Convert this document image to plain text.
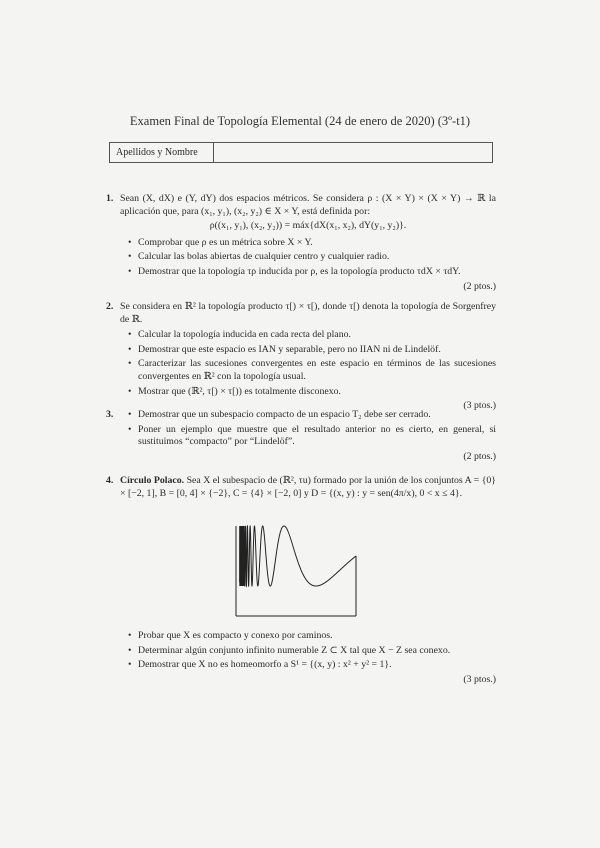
Examen Final de Topología Elemental (24 de enero de 2020) (3º-t1)
Apellidos y Nombre
1. Sean (X, dX) e (Y, dY) dos espacios métricos. Se considera ρ : (X × Y) × (X × Y) → ℝ la aplicación que, para (x₁, y₁), (x₂, y₂) ∈ X × Y, está definida por:

ρ((x₁, y₁), (x₂, y₂)) = máx{dX(x₁, x₂), dY(y₁, y₂)}.
• Comprobar que ρ es un métrica sobre X × Y.
• Calcular las bolas abiertas de cualquier centro y cualquier radio.
• Demostrar que la topología τρ inducida por ρ, es la topología producto τdX × τdY.
(2 ptos.)
2. Se considera en ℝ² la topología producto τ[) × τ[), donde τ[) denota la topología de Sorgenfrey de ℝ.

• Calcular la topología inducida en cada recta del plano.
• Demostrar que este espacio es IAN y separable, pero no IIAN ni de Lindelöf.
• Caracterizar las sucesiones convergentes en este espacio en términos de las sucesiones convergentes en ℝ² con la topología usual.
• Mostrar que (ℝ², τ[) × τ[)) es totalmente disconexo.
(3 ptos.)
3.
•	Demostrar que un subespacio compacto de un espacio T₂ debe ser cerrado.
• Poner un ejemplo que muestre que el resultado anterior no es cierto, en general, si sustituimos “compacto” por “Lindelöf”.
(2 ptos.)
4. Círculo Polaco. Sea X el subespacio de (ℝ², τu) formado por la unión de los conjuntos A = {0} × [−2, 1], B = [0, 4] × {−2}, C = {4} × [−2, 0] y D = {(x, y) : y = sen(4π/x), 0 < x ≤ 4}.

• Probar que X es compacto y conexo por caminos.
• Determinar algún conjunto infinito numerable Z ⊂ X tal que X − Z sea conexo.
• Demostrar que X no es homeomorfo a S¹ = {(x, y) : x² + y² = 1}.
(3 ptos.)
